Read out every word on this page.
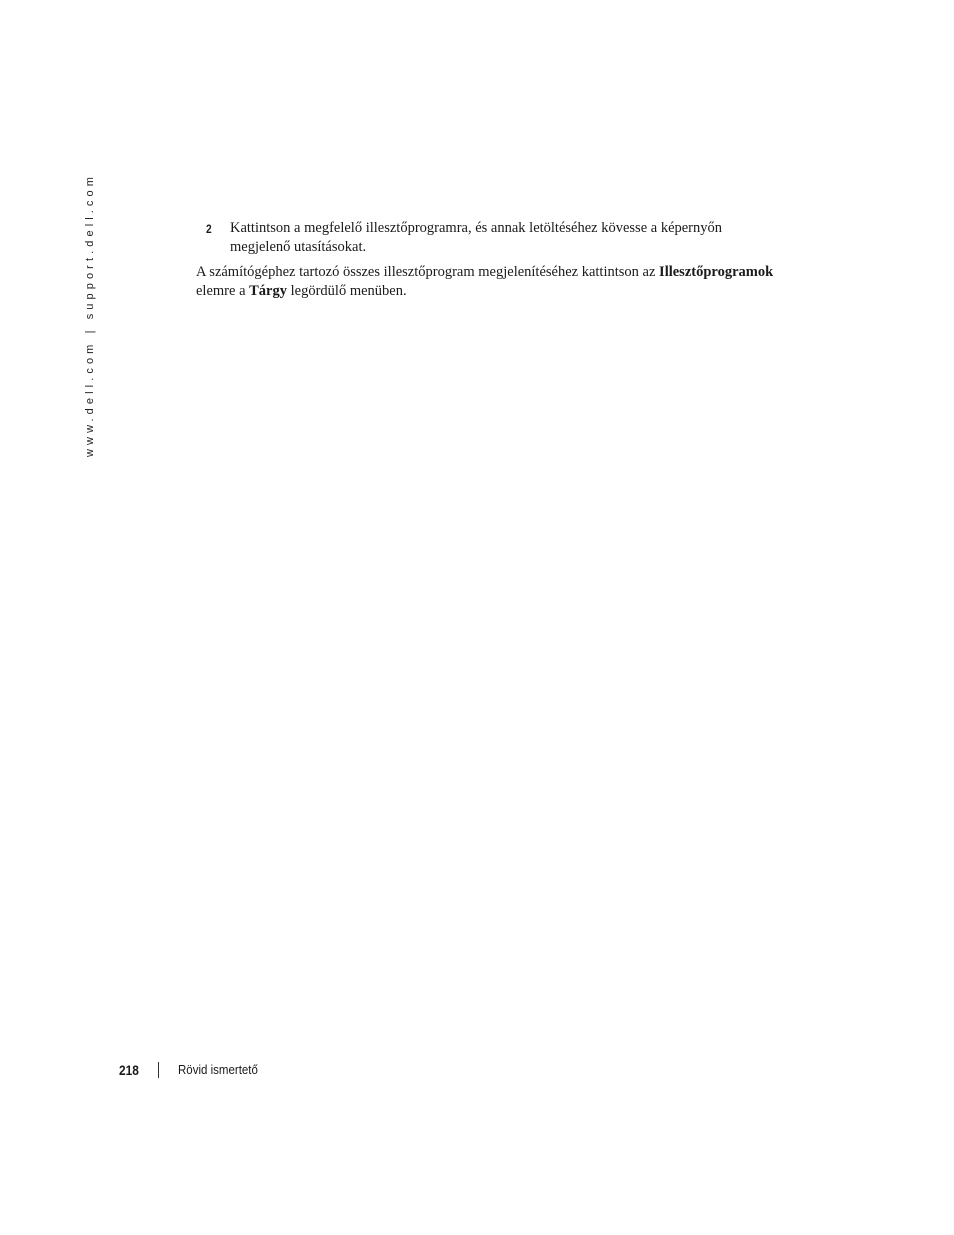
www.dell.com | support.dell.com	2 Kattintson a megfelelő illesztőprogramra, és annak letöltéséhez kövesse a képernyőn
megjelenő utasításokat.
A számítógéphez tartozó összes illesztőprogram megjelenítéséhez kattintson az Illesztőprogramok
elemre a Tárgy legördülő menüben.
218	Rövid ismertető
